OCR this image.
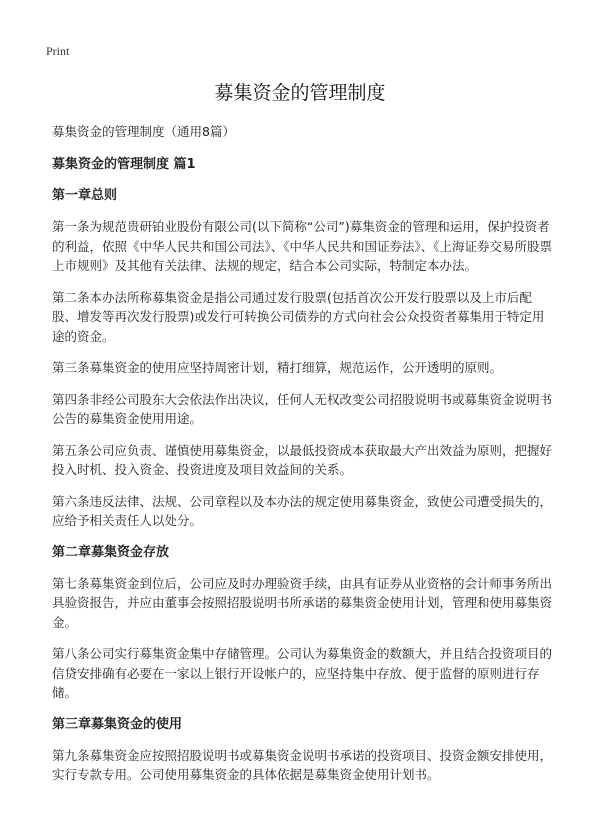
Print
募集资金的管理制度

募集资金的管理制度（通用8篇）

募集资金的管理制度 篇1

第一章总则

第一条为规范贵研铂业股份有限公司(以下简称“公司”)募集资金的管理和运用，保护投资者的利益，依照《中华人民共和国公司法》、《中华人民共和国证券法》、《上海证券交易所股票上市规则》及其他有关法律、法规的规定，结合本公司实际，特制定本办法。

第二条本办法所称募集资金是指公司通过发行股票(包括首次公开发行股票以及上市后配股、增发等再次发行股票)或发行可转换公司债券的方式向社会公众投资者募集用于特定用途的资金。

第三条募集资金的使用应坚持周密计划，精打细算，规范运作，公开透明的原则。

第四条非经公司股东大会依法作出决议，任何人无权改变公司招股说明书或募集资金说明书公告的募集资金使用用途。

第五条公司应负责、谨慎使用募集资金，以最低投资成本获取最大产出效益为原则，把握好投入时机、投入资金、投资进度及项目效益间的关系。

第六条违反法律、法规、公司章程以及本办法的规定使用募集资金，致使公司遭受损失的，应给予相关责任人以处分。

第二章募集资金存放

第七条募集资金到位后，公司应及时办理验资手续，由具有证券从业资格的会计师事务所出具验资报告，并应由董事会按照招股说明书所承诺的募集资金使用计划，管理和使用募集资金。

第八条公司实行募集资金集中存储管理。公司认为募集资金的数额大，并且结合投资项目的信贷安排确有必要在一家以上银行开设帐户的，应坚持集中存放、便于监督的原则进行存储。

第三章募集资金的使用

第九条募集资金应按照招股说明书或募集资金说明书承诺的投资项目、投资金额安排使用，实行专款专用。公司使用募集资金的具体依据是募集资金使用计划书。
